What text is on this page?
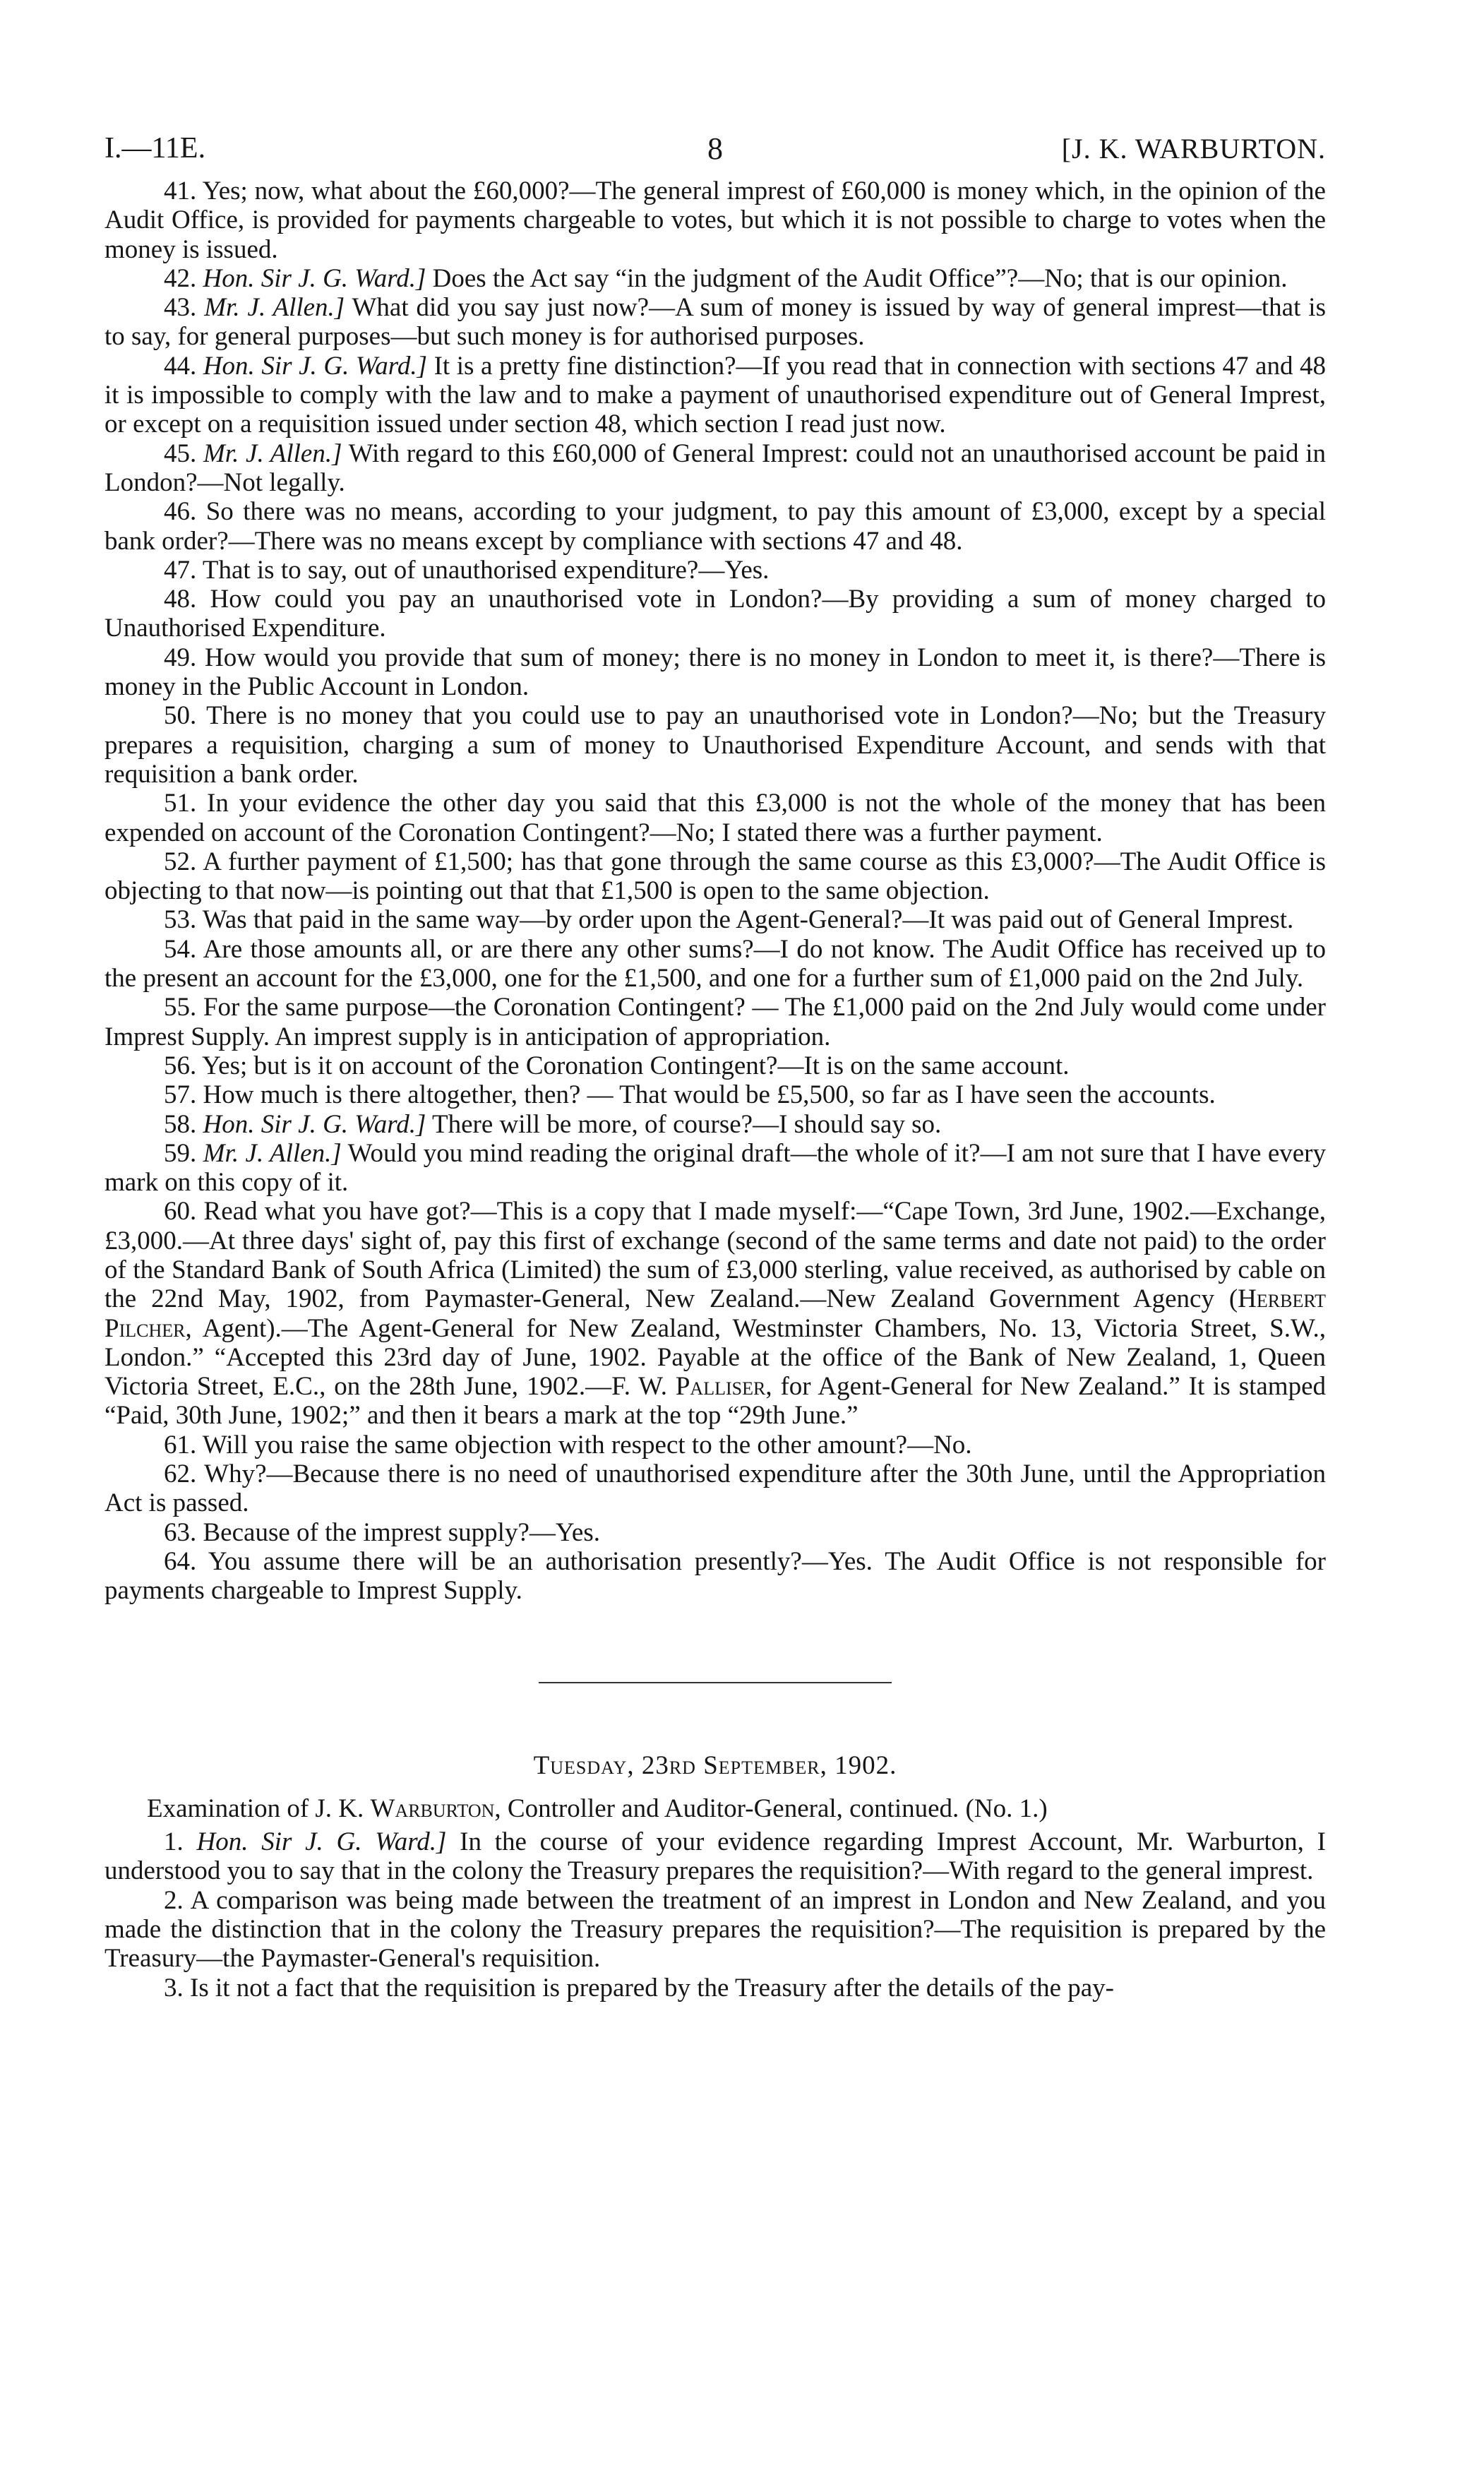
I.—11E.	8	[J. K. WARBURTON.

41. Yes; now, what about the £60,000?—The general imprest of £60,000 is money which, in the opinion of the Audit Office, is provided for payments chargeable to votes, but which it is not possible to charge to votes when the money is issued.

42. Hon. Sir J. G. Ward.] Does the Act say “in the judgment of the Audit Office”?—No; that is our opinion.

43. Mr. J. Allen.] What did you say just now?—A sum of money is issued by way of general imprest—that is to say, for general purposes—but such money is for authorised purposes.

44. Hon. Sir J. G. Ward.] It is a pretty fine distinction?—If you read that in connection with sections 47 and 48 it is impossible to comply with the law and to make a payment of unauthorised expenditure out of General Imprest, or except on a requisition issued under section 48, which section I read just now.

45. Mr. J. Allen.] With regard to this £60,000 of General Imprest: could not an unauthorised account be paid in London?—Not legally.

46. So there was no means, according to your judgment, to pay this amount of £3,000, except by a special bank order?—There was no means except by compliance with sections 47 and 48.

47. That is to say, out of unauthorised expenditure?—Yes.

48. How could you pay an unauthorised vote in London?—By providing a sum of money charged to Unauthorised Expenditure.

49. How would you provide that sum of money; there is no money in London to meet it, is there?—There is money in the Public Account in London.

50. There is no money that you could use to pay an unauthorised vote in London?—No; but the Treasury prepares a requisition, charging a sum of money to Unauthorised Expenditure Account, and sends with that requisition a bank order.

51. In your evidence the other day you said that this £3,000 is not the whole of the money that has been expended on account of the Coronation Contingent?—No; I stated there was a further payment.

52. A further payment of £1,500; has that gone through the same course as this £3,000?—The Audit Office is objecting to that now—is pointing out that that £1,500 is open to the same objection.

53. Was that paid in the same way—by order upon the Agent-General?—It was paid out of General Imprest.

54. Are those amounts all, or are there any other sums?—I do not know. The Audit Office has received up to the present an account for the £3,000, one for the £1,500, and one for a further sum of £1,000 paid on the 2nd July.

55. For the same purpose—the Coronation Contingent? — The £1,000 paid on the 2nd July would come under Imprest Supply. An imprest supply is in anticipation of appropriation.

56. Yes; but is it on account of the Coronation Contingent?—It is on the same account.

57. How much is there altogether, then? — That would be £5,500, so far as I have seen the accounts.

58. Hon. Sir J. G. Ward.] There will be more, of course?—I should say so.

59. Mr. J. Allen.] Would you mind reading the original draft—the whole of it?—I am not sure that I have every mark on this copy of it.

60. Read what you have got?—This is a copy that I made myself:—“Cape Town, 3rd June, 1902.—Exchange, £3,000.—At three days' sight of, pay this first of exchange (second of the same terms and date not paid) to the order of the Standard Bank of South Africa (Limited) the sum of £3,000 sterling, value received, as authorised by cable on the 22nd May, 1902, from Paymaster-General, New Zealand.—New Zealand Government Agency (Herbert Pilcher, Agent).—The Agent-General for New Zealand, Westminster Chambers, No. 13, Victoria Street, S.W., London.” “Accepted this 23rd day of June, 1902. Payable at the office of the Bank of New Zealand, 1, Queen Victoria Street, E.C., on the 28th June, 1902.—F. W. Palliser, for Agent-General for New Zealand.” It is stamped “Paid, 30th June, 1902;” and then it bears a mark at the top “29th June.”

61. Will you raise the same objection with respect to the other amount?—No.

62. Why?—Because there is no need of unauthorised expenditure after the 30th June, until the Appropriation Act is passed.

63. Because of the imprest supply?—Yes.

64. You assume there will be an authorisation presently?—Yes. The Audit Office is not responsible for payments chargeable to Imprest Supply.

Tuesday, 23rd September, 1902.

Examination of J. K. Warburton, Controller and Auditor-General, continued. (No. 1.)

1. Hon. Sir J. G. Ward.] In the course of your evidence regarding Imprest Account, Mr. Warburton, I understood you to say that in the colony the Treasury prepares the requisition?—With regard to the general imprest.

2. A comparison was being made between the treatment of an imprest in London and New Zealand, and you made the distinction that in the colony the Treasury prepares the requisition?—The requisition is prepared by the Treasury—the Paymaster-General's requisition.

3. Is it not a fact that the requisition is prepared by the Treasury after the details of the pay-
